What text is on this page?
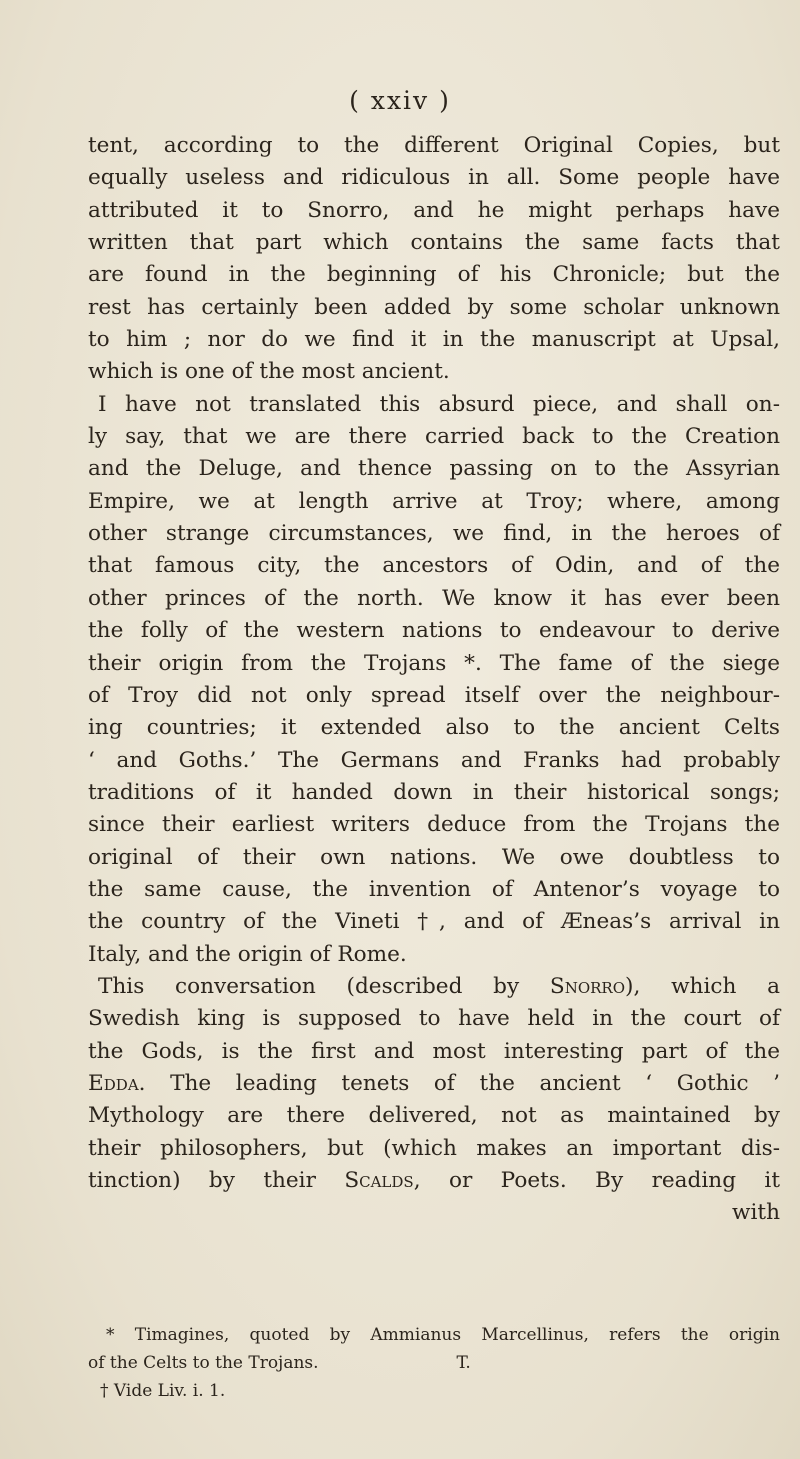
( xxiv )
tent, according to the different Original Copies, but
equally useless and ridiculous in all. Some people have
attributed it to Snorro, and he might perhaps have
written that part which contains the same facts that
are found in the beginning of his Chronicle; but the
rest has certainly been added by some scholar unknown
to him ; nor do we find it in the manuscript at Upsal,
which is one of the most ancient.
I have not translated this absurd piece, and shall on-
ly say, that we are there carried back to the Creation
and the Deluge, and thence passing on to the Assyrian
Empire, we at length arrive at Troy; where, among
other strange circumstances, we find, in the heroes of
that famous city, the ancestors of Odin, and of the
other princes of the north. We know it has ever been
the folly of the western nations to endeavour to derive
their origin from the Trojans *. The fame of the siege
of Troy did not only spread itself over the neighbour-
ing countries; it extended also to the ancient Celts
‘ and Goths.’ The Germans and Franks had probably
traditions of it handed down in their historical songs;
since their earliest writers deduce from the Trojans the
original of their own nations. We owe doubtless to
the same cause, the invention of Antenor’s voyage to
the country of the Vineti †, and of Æneas’s arrival in
Italy, and the origin of Rome.
This conversation (described by Snorro), which a
Swedish king is supposed to have held in the court of
the Gods, is the first and most interesting part of the
Edda. The leading tenets of the ancient ‘ Gothic ’
Mythology are there delivered, not as maintained by
their philosophers, but (which makes an important dis-
tinction) by their Scalds, or Poets. By reading it
with
* Timagines, quoted by Ammianus Marcellinus, refers the origin
of the Celts to the Trojans.	T.
† Vide Liv. i. 1.
